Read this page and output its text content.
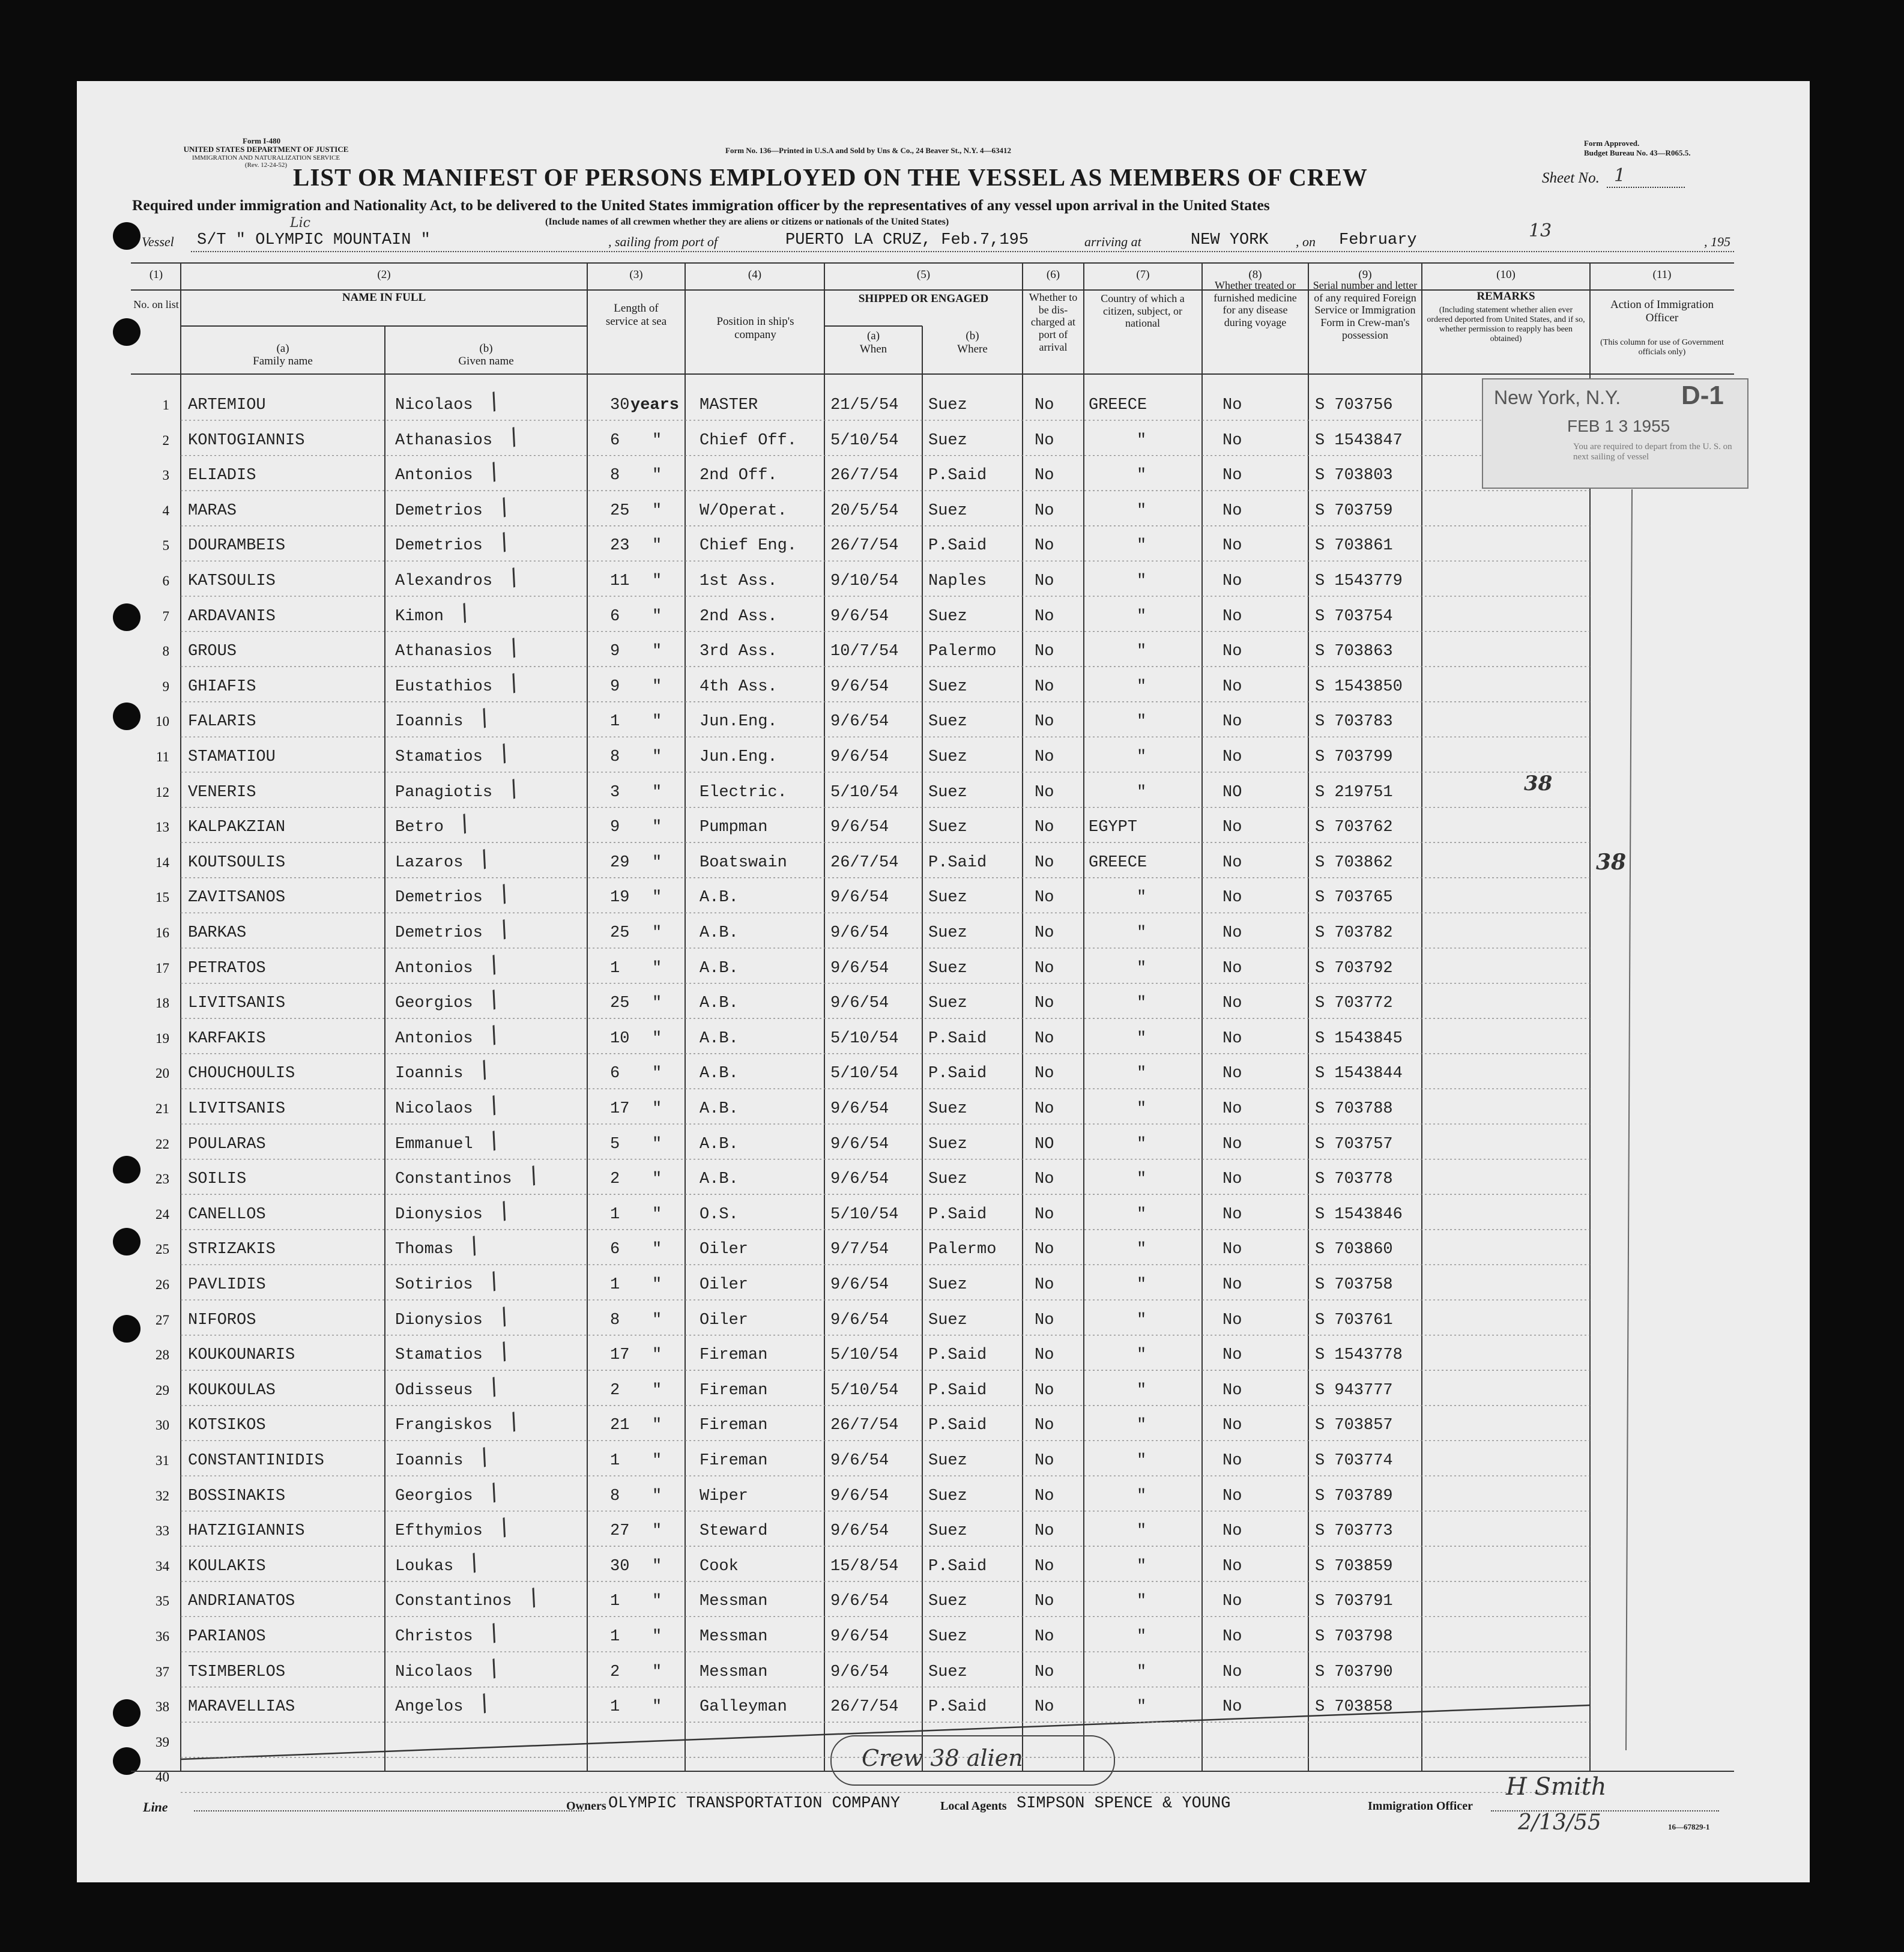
Form I-480
UNITED STATES DEPARTMENT OF JUSTICE
IMMIGRATION AND NATURALIZATION SERVICE
(Rev. 12-24-52)
Form No. 136—Printed in U.S.A and Sold by Uns & Co., 24 Beaver St., N.Y. 4—63412
Form Approved.
Budget Bureau No. 43—R065.5.
LIST OR MANIFEST OF PERSONS EMPLOYED ON THE VESSEL AS MEMBERS OF CREW	Sheet No. 1
Required under immigration and Nationality Act, to be delivered to the United States immigration officer by the representatives of any vessel upon arrival in the United States
(Include names of all crewmen whether they are aliens or citizens or nationals of the United States)
Vessel S/T " OLYMPIC MOUNTAIN "
Lic
, sailing from port of	PUERTO LA CRUZ, Feb.7,195	arriving at	NEW YORK , on February	13
, 195
(1)
No. on list
(2)
NAME IN FULL
(a)
Family name
(b)
Given name
(3)
Length of service at sea
(4)
Position in ship's company
(5)
SHIPPED OR ENGAGED
(a)
When
(b)
Where
(6)
Whether to be dis-charged at port of arrival
(7)
Country of which a citizen, subject, or national
(8)
Whether treated or furnished medicine for any disease during voyage
(9)
Serial number and letter of any required Foreign Service or Immigration Form in Crew-man's possession
(10)
REMARKS
(Including statement whether alien ever ordered deported from United States, and if so, whether permission to reapply has been obtained)
(11)
Action of Immigration Officer
(This column for use of Government officials only)
1 ARTEMIOU	Nicolaos	30 years MASTER	21/5/54 Suez	No GREECE	No	S 703756
/
2 KONTOGIANNIS	Athanasios	6 " Chief Off. 5/10/54 Suez	No	"	No	S 1543847
/
3 ELIADIS	Antonios	8 " 2nd Off.	26/7/54 P.Said	No	"	No	S 703803
/
4 MARAS	Demetrios	25 " W/Operat.	20/5/54 Suez	No	"	No	S 703759
/
5 DOURAMBEIS	Demetrios	23 " Chief Eng. 26/7/54 P.Said	No	"	No	S 703861
/
6 KATSOULIS	Alexandros	11 " 1st Ass.	9/10/54 Naples	No	"	No	S 1543779
/
7 ARDAVANIS	Kimon	6 " 2nd Ass.	9/6/54 Suez	No	"	No	S 703754
/
8 GROUS	Athanasios	9 " 3rd Ass.	10/7/54 Palermo No	"	No	S 703863
/
9 GHIAFIS	Eustathios	9 " 4th Ass.	9/6/54 Suez	No	"	No	S 1543850
/
10 FALARIS	Ioannis	1 " Jun.Eng.	9/6/54 Suez	No	"	No	S 703783
/
11 STAMATIOU	Stamatios	8 " Jun.Eng.	9/6/54 Suez	No	"	No	S 703799
/
12 VENERIS	Panagiotis	3 " Electric.	5/10/54 Suez	No	"	NO	S 219751
/
13 KALPAKZIAN	Betro	9 " Pumpman	9/6/54 Suez	No EGYPT	No	S 703762
/
14 KOUTSOULIS	Lazaros	29 " Boatswain	26/7/54 P.Said	No GREECE	No	S 703862
/
15 ZAVITSANOS	Demetrios	19 " A.B.	9/6/54 Suez	No	"	No	S 703765
/
16 BARKAS	Demetrios	25 " A.B.	9/6/54 Suez	No	"	No	S 703782
/
17 PETRATOS	Antonios	1 " A.B.	9/6/54 Suez	No	"	No	S 703792
/
18 LIVITSANIS	Georgios	25 " A.B.	9/6/54 Suez	No	"	No	S 703772
/
19 KARFAKIS	Antonios	10 " A.B.	5/10/54 P.Said	No	"	No	S 1543845
/
20 CHOUCHOULIS	Ioannis	6 " A.B.	5/10/54 P.Said	No	"	No	S 1543844
/
21 LIVITSANIS	Nicolaos	17 " A.B.	9/6/54 Suez	No	"	No	S 703788
/
22 POULARAS	Emmanuel	5 " A.B.	9/6/54 Suez	NO	"	No	S 703757
/
23 SOILIS	Constantinos	2 " A.B.	9/6/54 Suez	No	"	No	S 703778
/
24 CANELLOS	Dionysios	1 " O.S.	5/10/54 P.Said	No	"	No	S 1543846
/
25 STRIZAKIS	Thomas	6 " Oiler	9/7/54 Palermo No	"	No	S 703860
/
26 PAVLIDIS	Sotirios	1 " Oiler	9/6/54 Suez	No	"	No	S 703758
/
27 NIFOROS	Dionysios	8 " Oiler	9/6/54 Suez	No	"	No	S 703761
/
28 KOUKOUNARIS	Stamatios	17 " Fireman	5/10/54 P.Said	No	"	No	S 1543778
/
29 KOUKOULAS	Odisseus	2 " Fireman	5/10/54 P.Said	No	"	No	S 943777
/
30 KOTSIKOS	Frangiskos	21 " Fireman	26/7/54 P.Said	No	"	No	S 703857
/
31 CONSTANTINIDIS	Ioannis	1 " Fireman	9/6/54 Suez	No	"	No	S 703774
/
32 BOSSINAKIS	Georgios	8 " Wiper	9/6/54 Suez	No	"	No	S 703789
/
33 HATZIGIANNIS	Efthymios	27 " Steward	9/6/54 Suez	No	"	No	S 703773
/
34 KOULAKIS	Loukas	30 " Cook	15/8/54 P.Said	No	"	No	S 703859
/
35 ANDRIANATOS	Constantinos	1 " Messman	9/6/54 Suez	No	"	No	S 703791
/
36 PARIANOS	Christos	1 " Messman	9/6/54 Suez	No	"	No	S 703798
/
37 TSIMBERLOS	Nicolaos	2 " Messman	9/6/54 Suez	No	"	No	S 703790
/
38 MARAVELLIAS	Angelos	1 " Galleyman	26/7/54 P.Said	No	"	No	S 703858
/
39
40
New York, N.Y. D-1
FEB 1 3 1955
You are required to depart from the U. S. on next sailing of vessel
38
38
Crew 38 alien
Line	Owners OLYMPIC TRANSPORTATION COMPANY	Local Agents SIMPSON SPENCE & YOUNG	Immigration Officer
H Smith
2/13/55	16—67829-1
